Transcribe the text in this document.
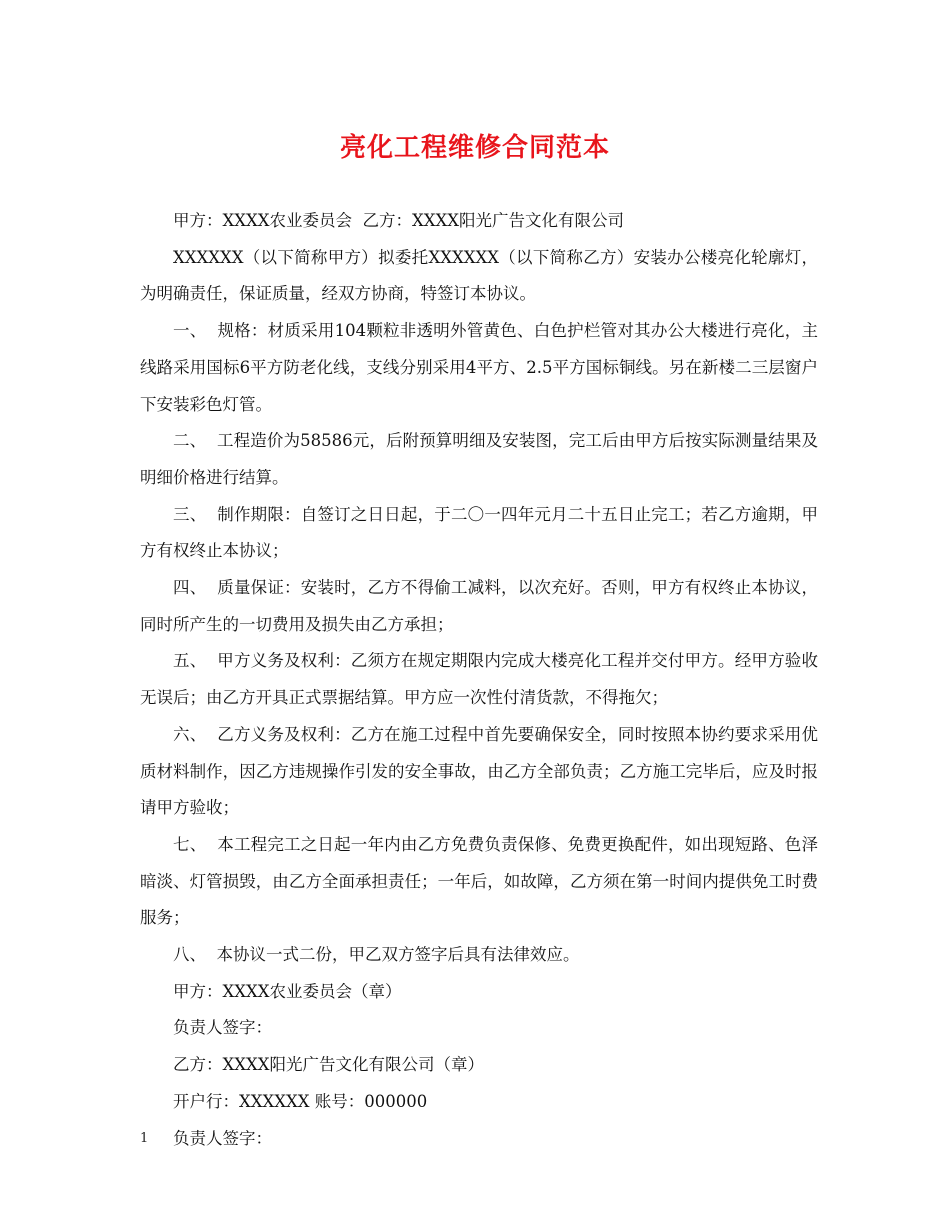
亮化工程维修合同范本

甲方：XXXX农业委员会  乙方：XXXX阳光广告文化有限公司

XXXXXX（以下简称甲方）拟委托XXXXXX（以下简称乙方）安装办公楼亮化轮廓灯，为明确责任，保证质量，经双方协商，特签订本协议。

一、  规格：材质采用104颗粒非透明外管黄色、白色护栏管对其办公大楼进行亮化，主线路采用国标6平方防老化线，支线分别采用4平方、2.5平方国标铜线。另在新楼二三层窗户下安装彩色灯管。

二、  工程造价为58586元，后附预算明细及安装图，完工后由甲方后按实际测量结果及明细价格进行结算。

三、  制作期限：自签订之日日起，于二〇一四年元月二十五日止完工；若乙方逾期，甲方有权终止本协议；

四、  质量保证：安装时，乙方不得偷工减料，以次充好。否则，甲方有权终止本协议，同时所产生的一切费用及损失由乙方承担；

五、  甲方义务及权利：乙须方在规定期限内完成大楼亮化工程并交付甲方。经甲方验收无误后；由乙方开具正式票据结算。甲方应一次性付清货款，不得拖欠；

六、  乙方义务及权利：乙方在施工过程中首先要确保安全，同时按照本协约要求采用优质材料制作，因乙方违规操作引发的安全事故，由乙方全部负责；乙方施工完毕后，应及时报请甲方验收；

七、  本工程完工之日起一年内由乙方免费负责保修、免费更换配件，如出现短路、色泽暗淡、灯管损毁，由乙方全面承担责任；一年后，如故障，乙方须在第一时间内提供免工时费服务；

八、  本协议一式二份，甲乙双方签字后具有法律效应。

甲方：XXXX农业委员会（章）

负责人签字：

乙方：XXXX阳光广告文化有限公司（章）

开户行：XXXXXX 账号：000000

负责人签字：

1
